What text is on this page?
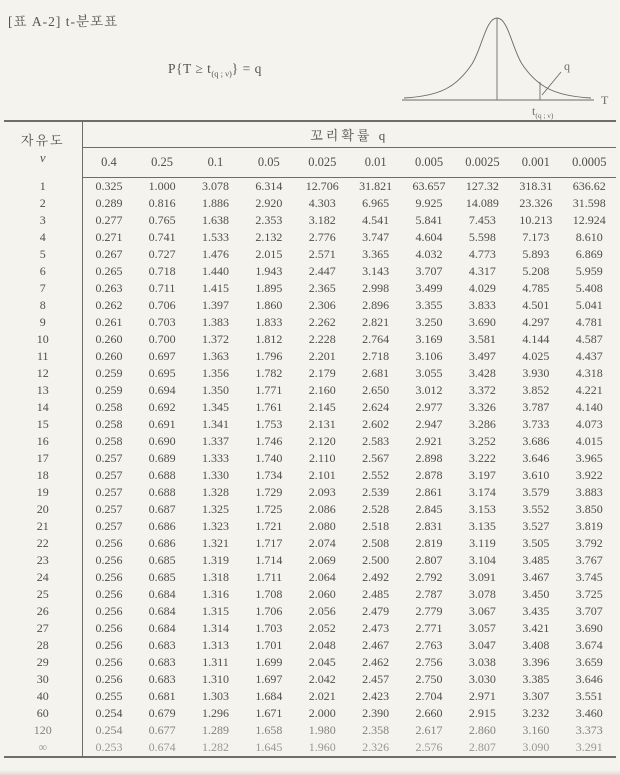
[표 A-2] t-분포표
$P\{T \ge t_{(q ; \nu)}\} = q$	q
T
$t_{(q ; \nu)}$
자유도
ν	꼬리확률 q									
	0.4	0.25	0.1	0.05	0.025	0.01	0.005	0.0025	0.001	0.0005
1	0.325	1.000	3.078	6.314	12.706	31.821	63.657	127.32	318.31	636.62
2	0.289	0.816	1.886	2.920	4.303	6.965	9.925	14.089	23.326	31.598
3	0.277	0.765	1.638	2.353	3.182	4.541	5.841	7.453	10.213	12.924
4	0.271	0.741	1.533	2.132	2.776	3.747	4.604	5.598	7.173	8.610
5	0.267	0.727	1.476	2.015	2.571	3.365	4.032	4.773	5.893	6.869
6	0.265	0.718	1.440	1.943	2.447	3.143	3.707	4.317	5.208	5.959
7	0.263	0.711	1.415	1.895	2.365	2.998	3.499	4.029	4.785	5.408
8	0.262	0.706	1.397	1.860	2.306	2.896	3.355	3.833	4.501	5.041
9	0.261	0.703	1.383	1.833	2.262	2.821	3.250	3.690	4.297	4.781
10	0.260	0.700	1.372	1.812	2.228	2.764	3.169	3.581	4.144	4.587
11	0.260	0.697	1.363	1.796	2.201	2.718	3.106	3.497	4.025	4.437
12	0.259	0.695	1.356	1.782	2.179	2.681	3.055	3.428	3.930	4.318
13	0.259	0.694	1.350	1.771	2.160	2.650	3.012	3.372	3.852	4.221
14	0.258	0.692	1.345	1.761	2.145	2.624	2.977	3.326	3.787	4.140
15	0.258	0.691	1.341	1.753	2.131	2.602	2.947	3.286	3.733	4.073
16	0.258	0.690	1.337	1.746	2.120	2.583	2.921	3.252	3.686	4.015
17	0.257	0.689	1.333	1.740	2.110	2.567	2.898	3.222	3.646	3.965
18	0.257	0.688	1.330	1.734	2.101	2.552	2.878	3.197	3.610	3.922
19	0.257	0.688	1.328	1.729	2.093	2.539	2.861	3.174	3.579	3.883
20	0.257	0.687	1.325	1.725	2.086	2.528	2.845	3.153	3.552	3.850
21	0.257	0.686	1.323	1.721	2.080	2.518	2.831	3.135	3.527	3.819
22	0.256	0.686	1.321	1.717	2.074	2.508	2.819	3.119	3.505	3.792
23	0.256	0.685	1.319	1.714	2.069	2.500	2.807	3.104	3.485	3.767
24	0.256	0.685	1.318	1.711	2.064	2.492	2.792	3.091	3.467	3.745
25	0.256	0.684	1.316	1.708	2.060	2.485	2.787	3.078	3.450	3.725
26	0.256	0.684	1.315	1.706	2.056	2.479	2.779	3.067	3.435	3.707
27	0.256	0.684	1.314	1.703	2.052	2.473	2.771	3.057	3.421	3.690
28	0.256	0.683	1.313	1.701	2.048	2.467	2.763	3.047	3.408	3.674
29	0.256	0.683	1.311	1.699	2.045	2.462	2.756	3.038	3.396	3.659
30	0.256	0.683	1.310	1.697	2.042	2.457	2.750	3.030	3.385	3.646
40	0.255	0.681	1.303	1.684	2.021	2.423	2.704	2.971	3.307	3.551
60	0.254	0.679	1.296	1.671	2.000	2.390	2.660	2.915	3.232	3.460
120	0.254	0.677	1.289	1.658	1.980	2.358	2.617	2.860	3.160	3.373
∞	0.253	0.674	1.282	1.645	1.960	2.326	2.576	2.807	3.090	3.291
